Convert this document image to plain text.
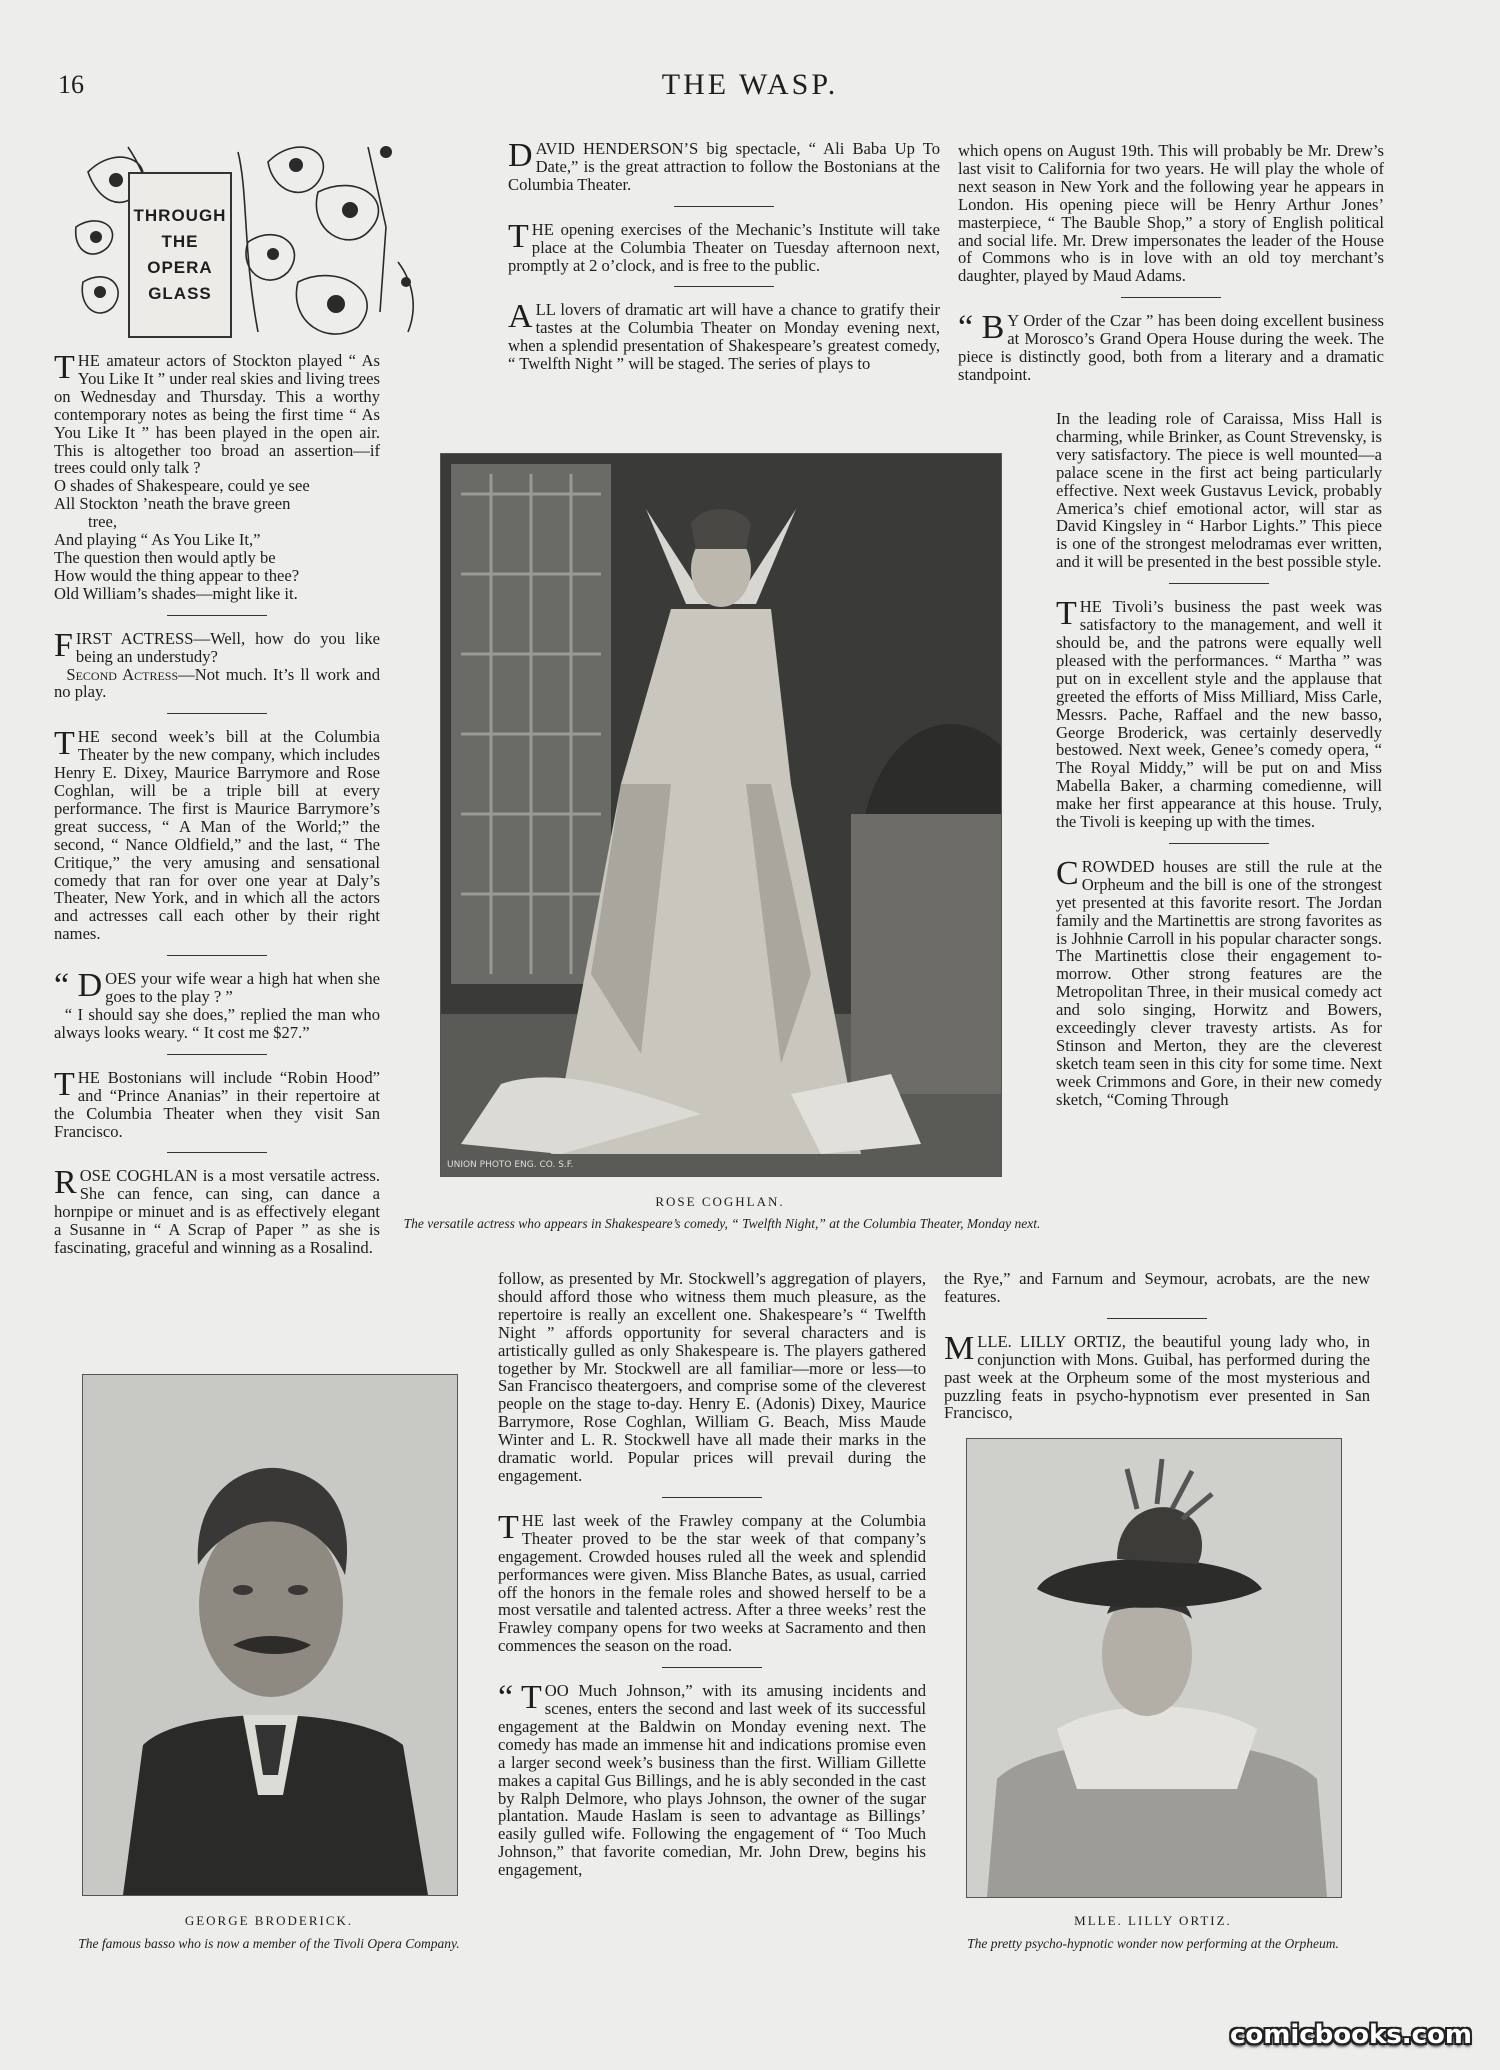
16	THE WASP.
THROUGH
THE
OPERA
GLASS

THE amateur actors of Stockton played “ As You Like It ” under real skies and living trees on Wednesday and Thursday. This a worthy contemporary notes as being the first time “ As You Like It ” has been played in the open air. This is altogether too broad an assertion—if trees could only talk ?

O shades of Shakespeare, could ye see
All Stockton ’neath the brave green
tree,
And playing “ As You Like It,”
The question then would aptly be
How would the thing appear to thee?
Old William’s shades—might like it.

FIRST ACTRESS—Well, how do you like being an understudy?
Second Actress—Not much. It’s ll work and no play.

THE second week’s bill at the Columbia Theater by the new company, which includes Henry E. Dixey, Maurice Barrymore and Rose Coghlan, will be a triple bill at every performance. The first is Maurice Barrymore’s great success, “ A Man of the World;” the second, “ Nance Oldfield,” and the last, “ The Critique,” the very amusing and sensational comedy that ran for over one year at Daly’s Theater, New York, and in which all the actors and actresses call each other by their right names.

“ D OES your wife wear a high hat when she goes to the play ? ”
“ I should say she does,” replied the man who always looks weary. “ It cost me $27.”

THE Bostonians will include “Robin Hood” and “Prince Ananias” in their repertoire at the Columbia Theater when they visit San Francisco.

ROSE COGHLAN is a most versatile actress. She can fence, can sing, can dance a hornpipe or minuet and is as effectively elegant a Susanne in “ A Scrap of Paper ” as she is fascinating, graceful and winning as a Rosalind.

DAVID HENDERSON’S big spectacle, “ Ali Baba Up To Date,” is the great attraction to follow the Bostonians at the Columbia Theater.

THE opening exercises of the Mechanic’s Institute will take place at the Columbia Theater on Tuesday afternoon next, promptly at 2 o’clock, and is free to the public.

ALL lovers of dramatic art will have a chance to gratify their tastes at the Columbia Theater on Monday evening next, when a splendid presentation of Shakespeare’s greatest comedy, “ Twelfth Night ” will be staged. The series of plays to

which opens on August 19th. This will probably be Mr. Drew’s last visit to California for two years. He will play the whole of next season in New York and the following year he appears in London. His opening piece will be Henry Arthur Jones’ masterpiece, “ The Bauble Shop,” a story of English political and social life. Mr. Drew impersonates the leader of the House of Commons who is in love with an old toy merchant’s daughter, played by Maud Adams.

“ B Y Order of the Czar ” has been doing excellent business at Morosco’s Grand Opera House during the week. The piece is distinctly good, both from a literary and a dramatic standpoint.

In the leading role of Caraissa, Miss Hall is charming, while Brinker, as Count Strevensky, is very satisfactory. The piece is well mounted—a palace scene in the first act being particularly effective. Next week Gustavus Levick, probably America’s chief emotional actor, will star as David Kingsley in “ Harbor Lights.” This piece is one of the strongest melodramas ever written, and it will be presented in the best possible style.

THE Tivoli’s business the past week was satisfactory to the management, and well it should be, and the patrons were equally well pleased with the performances. “ Martha ” was put on in excellent style and the applause that greeted the efforts of Miss Milliard, Miss Carle, Messrs. Pache, Raffael and the new basso, George Broderick, was certainly deservedly bestowed. Next week, Genee’s comedy opera, “ The Royal Middy,” will be put on and Miss Mabella Baker, a charming comedienne, will make her first appearance at this house. Truly, the Tivoli is keeping up with the times.

CROWDED houses are still the rule at the Orpheum and the bill is one of the strongest yet presented at this favorite resort. The Jordan family and the Martinettis are strong favorites as is Johhnie Carroll in his popular character songs. The Martinettis close their engagement to-morrow. Other strong features are the Metropolitan Three, in their musical comedy act and solo singing, Horwitz and Bowers, exceedingly clever travesty artists. As for Stinson and Merton, they are the cleverest sketch team seen in this city for some time. Next week Crimmons and Gore, in their new comedy sketch, “Coming Through

the Rye,” and Farnum and Seymour, acrobats, are the new features.

MLLE. LILLY ORTIZ, the beautiful young lady who, in conjunction with Mons. Guibal, has performed during the past week at the Orpheum some of the most mysterious and puzzling feats in psycho-hypnotism ever presented in San Francisco,

follow, as presented by Mr. Stockwell’s aggregation of players, should afford those who witness them much pleasure, as the repertoire is really an excellent one. Shakespeare’s “ Twelfth Night ” affords opportunity for several characters and is artistically gulled as only Shakespeare is. The players gathered together by Mr. Stockwell are all familiar—more or less—to San Francisco theatergoers, and comprise some of the cleverest people on the stage to-day. Henry E. (Adonis) Dixey, Maurice Barrymore, Rose Coghlan, William G. Beach, Miss Maude Winter and L. R. Stockwell have all made their marks in the dramatic world. Popular prices will prevail during the engagement.

THE last week of the Frawley company at the Columbia Theater proved to be the star week of that company’s engagement. Crowded houses ruled all the week and splendid performances were given. Miss Blanche Bates, as usual, carried off the honors in the female roles and showed herself to be a most versatile and talented actress. After a three weeks’ rest the Frawley company opens for two weeks at Sacramento and then commences the season on the road.

“ T OO Much Johnson,” with its amusing incidents and scenes, enters the second and last week of its successful engagement at the Baldwin on Monday evening next. The comedy has made an immense hit and indications promise even a larger second week’s business than the first. William Gillette makes a capital Gus Billings, and he is ably seconded in the cast by Ralph Delmore, who plays Johnson, the owner of the sugar plantation. Maude Haslam is seen to advantage as Billings’ easily gulled wife. Following the engagement of “ Too Much Johnson,” that favorite comedian, Mr. John Drew, begins his engagement,

UNION PHOTO ENG. CO. S.F.
ROSE COGHLAN.
The versatile actress who appears in Shakespeare’s comedy, “ Twelfth Night,” at the Columbia Theater, Monday next.
GEORGE BRODERICK.
The famous basso who is now a member of the Tivoli Opera Company.
MLLE. LILLY ORTIZ.
The pretty psycho-hypnotic wonder now performing at the Orpheum.
comicbooks.com
